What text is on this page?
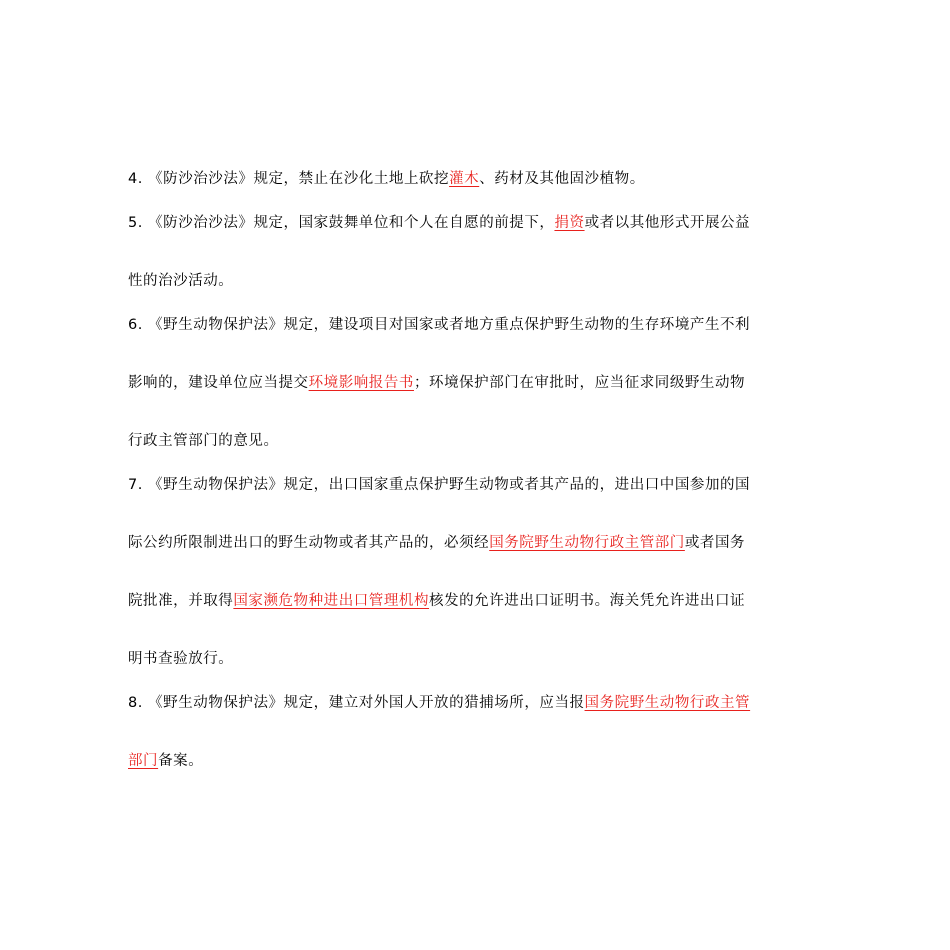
4. 《防沙治沙法》规定，禁止在沙化土地上砍挖灌木、药材及其他固沙植物。
5. 《防沙治沙法》规定，国家鼓舞单位和个人在自愿的前提下，捐资或者以其他形式开展公益
性的治沙活动。
6. 《野生动物保护法》规定，建设项目对国家或者地方重点保护野生动物的生存环境产生不利
影响的，建设单位应当提交环境影响报告书；环境保护部门在审批时，应当征求同级野生动物
行政主管部门的意见。
7. 《野生动物保护法》规定，出口国家重点保护野生动物或者其产品的，进出口中国参加的国
际公约所限制进出口的野生动物或者其产品的，必须经国务院野生动物行政主管部门或者国务
院批准，并取得国家濒危物种进出口管理机构核发的允许进出口证明书。海关凭允许进出口证
明书查验放行。
8. 《野生动物保护法》规定，建立对外国人开放的猎捕场所，应当报国务院野生动物行政主管
部门备案。
